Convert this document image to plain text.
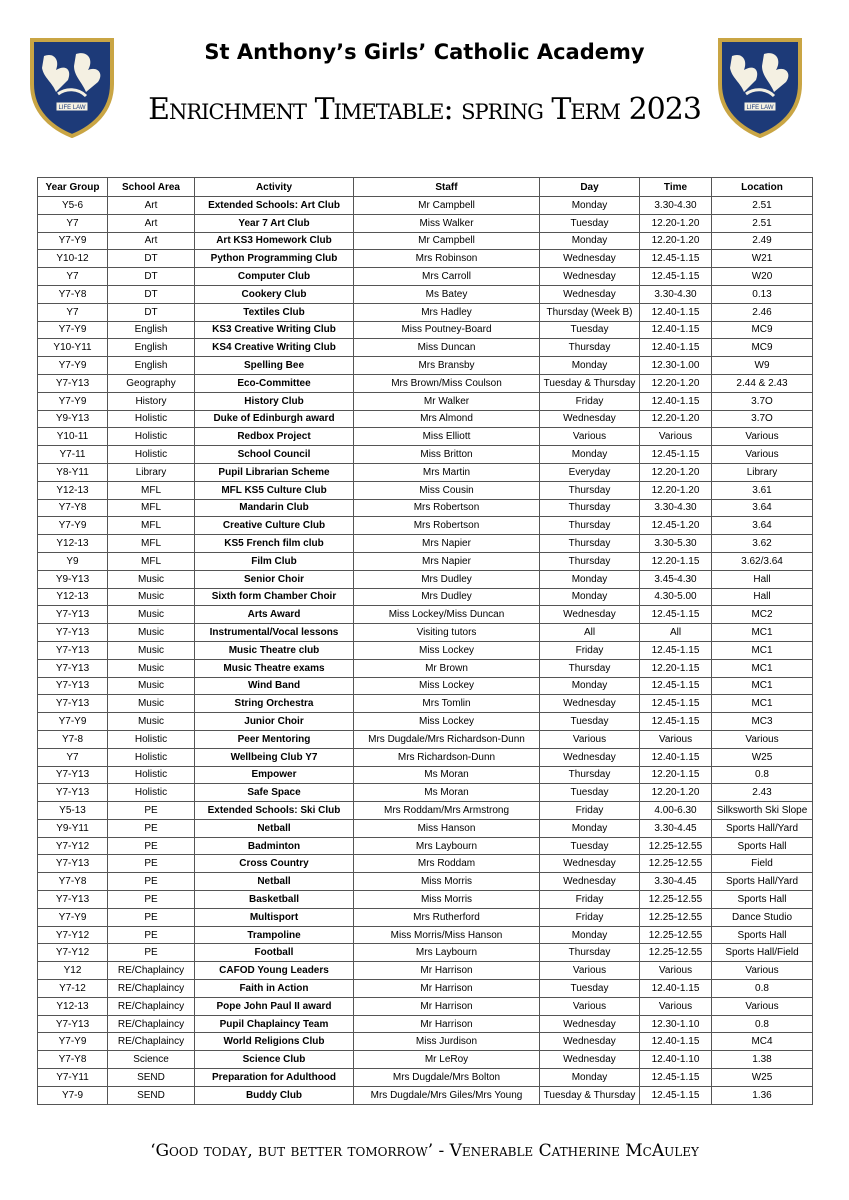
LIFE LAW	LIFE LAW
St Anthony’s Girls’ Catholic Academy
Enrichment Timetable: spring Term 2023
Year Group	School Area	Activity	Staff	Day	Time	Location
Y5-6	Art	Extended Schools: Art Club	Mr Campbell	Monday	3.30-4.30	2.51
Y7	Art	Year 7 Art Club	Miss Walker	Tuesday	12.20-1.20	2.51
Y7-Y9	Art	Art KS3 Homework Club	Mr Campbell	Monday	12.20-1.20	2.49
Y10-12	DT	Python Programming Club	Mrs Robinson	Wednesday	12.45-1.15	W21
Y7	DT	Computer Club	Mrs Carroll	Wednesday	12.45-1.15	W20
Y7-Y8	DT	Cookery Club	Ms Batey	Wednesday	3.30-4.30	0.13
Y7	DT	Textiles Club	Mrs Hadley	Thursday (Week B)	12.40-1.15	2.46
Y7-Y9	English	KS3 Creative Writing Club	Miss Poutney-Board	Tuesday	12.40-1.15	MC9
Y10-Y11	English	KS4 Creative Writing Club	Miss Duncan	Thursday	12.40-1.15	MC9
Y7-Y9	English	Spelling Bee	Mrs Bransby	Monday	12.30-1.00	W9
Y7-Y13	Geography	Eco-Committee	Mrs Brown/Miss Coulson	Tuesday & Thursday	12.20-1.20	2.44 & 2.43
Y7-Y9	History	History Club	Mr Walker	Friday	12.40-1.15	3.7O
Y9-Y13	Holistic	Duke of Edinburgh award	Mrs Almond	Wednesday	12.20-1.20	3.7O
Y10-11	Holistic	Redbox Project	Miss Elliott	Various	Various	Various
Y7-11	Holistic	School Council	Miss Britton	Monday	12.45-1.15	Various
Y8-Y11	Library	Pupil Librarian Scheme	Mrs Martin	Everyday	12.20-1.20	Library
Y12-13	MFL	MFL KS5 Culture Club	Miss Cousin	Thursday	12.20-1.20	3.61
Y7-Y8	MFL	Mandarin Club	Mrs Robertson	Thursday	3.30-4.30	3.64
Y7-Y9	MFL	Creative Culture Club	Mrs Robertson	Thursday	12.45-1.20	3.64
Y12-13	MFL	KS5 French film club	Mrs Napier	Thursday	3.30-5.30	3.62
Y9	MFL	Film Club	Mrs Napier	Thursday	12.20-1.15	3.62/3.64
Y9-Y13	Music	Senior Choir	Mrs Dudley	Monday	3.45-4.30	Hall
Y12-13	Music	Sixth form Chamber Choir	Mrs Dudley	Monday	4.30-5.00	Hall
Y7-Y13	Music	Arts Award	Miss Lockey/Miss Duncan	Wednesday	12.45-1.15	MC2
Y7-Y13	Music	Instrumental/Vocal lessons	Visiting tutors	All	All	MC1
Y7-Y13	Music	Music Theatre club	Miss Lockey	Friday	12.45-1.15	MC1
Y7-Y13	Music	Music Theatre exams	Mr Brown	Thursday	12.20-1.15	MC1
Y7-Y13	Music	Wind Band	Miss Lockey	Monday	12.45-1.15	MC1
Y7-Y13	Music	String Orchestra	Mrs Tomlin	Wednesday	12.45-1.15	MC1
Y7-Y9	Music	Junior Choir	Miss Lockey	Tuesday	12.45-1.15	MC3
Y7-8	Holistic	Peer Mentoring	Mrs Dugdale/Mrs Richardson-Dunn	Various	Various	Various
Y7	Holistic	Wellbeing Club Y7	Mrs Richardson-Dunn	Wednesday	12.40-1.15	W25
Y7-Y13	Holistic	Empower	Ms Moran	Thursday	12.20-1.15	0.8
Y7-Y13	Holistic	Safe Space	Ms Moran	Tuesday	12.20-1.20	2.43
Y5-13	PE	Extended Schools: Ski Club	Mrs Roddam/Mrs Armstrong	Friday	4.00-6.30	Silksworth Ski Slope
Y9-Y11	PE	Netball	Miss Hanson	Monday	3.30-4.45	Sports Hall/Yard
Y7-Y12	PE	Badminton	Mrs Laybourn	Tuesday	12.25-12.55	Sports Hall
Y7-Y13	PE	Cross Country	Mrs Roddam	Wednesday	12.25-12.55	Field
Y7-Y8	PE	Netball	Miss Morris	Wednesday	3.30-4.45	Sports Hall/Yard
Y7-Y13	PE	Basketball	Miss Morris	Friday	12.25-12.55	Sports Hall
Y7-Y9	PE	Multisport	Mrs Rutherford	Friday	12.25-12.55	Dance Studio
Y7-Y12	PE	Trampoline	Miss Morris/Miss Hanson	Monday	12.25-12.55	Sports Hall
Y7-Y12	PE	Football	Mrs Laybourn	Thursday	12.25-12.55	Sports Hall/Field
Y12	RE/Chaplaincy	CAFOD Young Leaders	Mr Harrison	Various	Various	Various
Y7-12	RE/Chaplaincy	Faith in Action	Mr Harrison	Tuesday	12.40-1.15	0.8
Y12-13	RE/Chaplaincy	Pope John Paul II award	Mr Harrison	Various	Various	Various
Y7-Y13	RE/Chaplaincy	Pupil Chaplaincy Team	Mr Harrison	Wednesday	12.30-1.10	0.8
Y7-Y9	RE/Chaplaincy	World Religions Club	Miss Jurdison	Wednesday	12.40-1.15	MC4
Y7-Y8	Science	Science Club	Mr LeRoy	Wednesday	12.40-1.10	1.38
Y7-Y11	SEND	Preparation for Adulthood	Mrs Dugdale/Mrs Bolton	Monday	12.45-1.15	W25
Y7-9	SEND	Buddy Club	Mrs Dugdale/Mrs Giles/Mrs Young	Tuesday & Thursday	12.45-1.15	1.36
‘Good today, but better tomorrow’ - Venerable Catherine McAuley
